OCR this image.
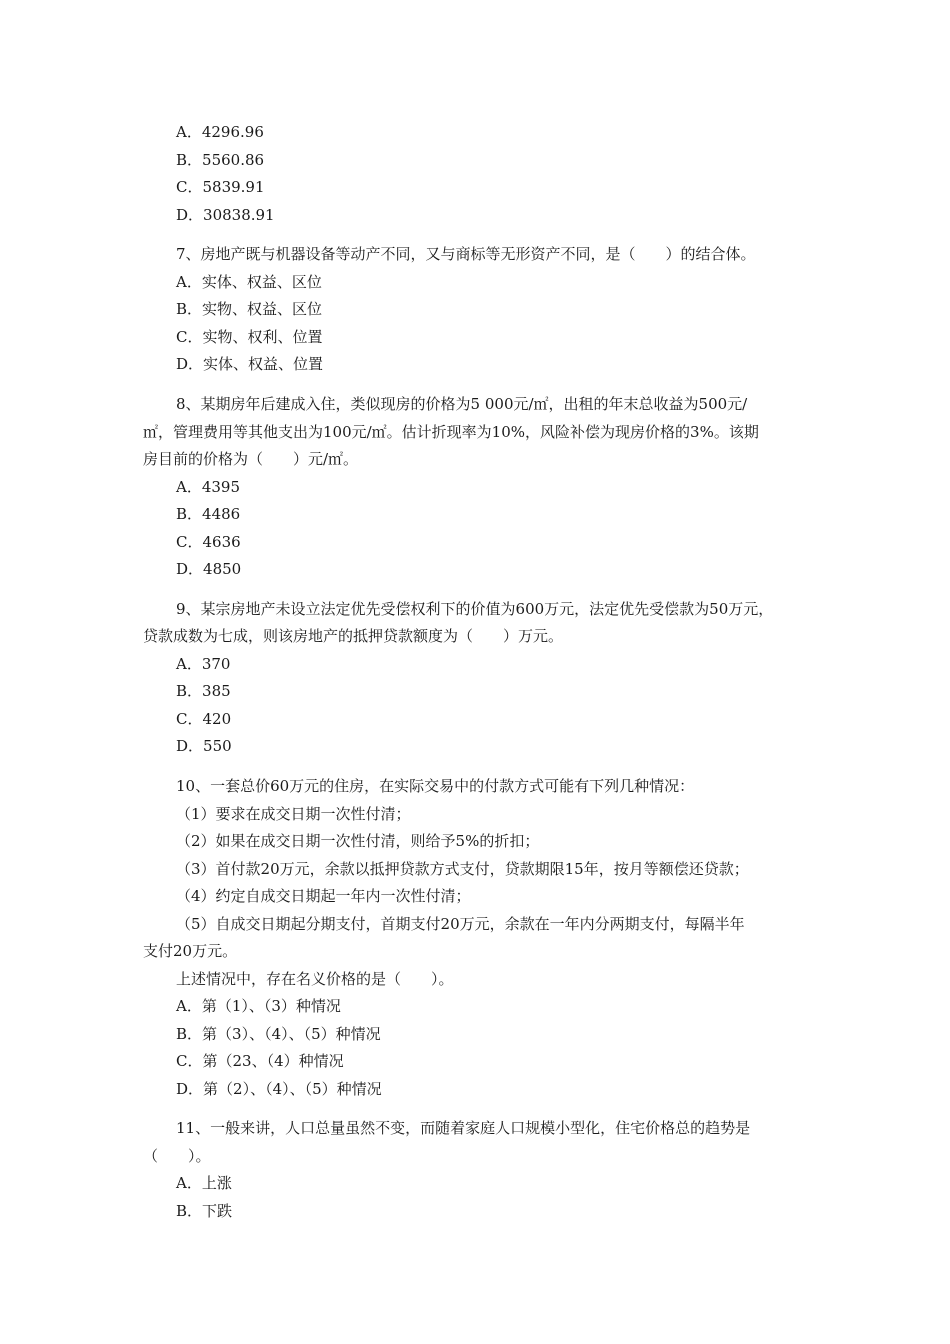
A．4296.96
B．5560.86
C．5839.91
D．30838.91
7、房地产既与机器设备等动产不同，又与商标等无形资产不同，是（　　）的结合体。
A．实体、权益、区位
B．实物、权益、区位
C．实物、权利、位置
D．实体、权益、位置
8、某期房年后建成入住，类似现房的价格为5 000元/㎡，出租的年末总收益为500元/
㎡，管理费用等其他支出为100元/㎡。估计折现率为10%，风险补偿为现房价格的3%。该期
房目前的价格为（　　）元/㎡。
A．4395
B．4486
C．4636
D．4850
9、某宗房地产未设立法定优先受偿权利下的价值为600万元，法定优先受偿款为50万元，
贷款成数为七成，则该房地产的抵押贷款额度为（　　）万元。
A．370
B．385
C．420
D．550
10、一套总价60万元的住房，在实际交易中的付款方式可能有下列几种情况：
（1）要求在成交日期一次性付清；
（2）如果在成交日期一次性付清，则给予5%的折扣；
（3）首付款20万元，余款以抵押贷款方式支付，贷款期限15年，按月等额偿还贷款；
（4）约定自成交日期起一年内一次性付清；
（5）自成交日期起分期支付，首期支付20万元，余款在一年内分两期支付，每隔半年
支付20万元。
上述情况中，存在名义价格的是（　　）。
A．第（1）、（3）种情况
B．第（3）、（4）、（5）种情况
C．第（23、（4）种情况
D．第（2）、（4）、（5）种情况
11、一般来讲，人口总量虽然不变，而随着家庭人口规模小型化，住宅价格总的趋势是
（　　）。
A．上涨
B．下跌
